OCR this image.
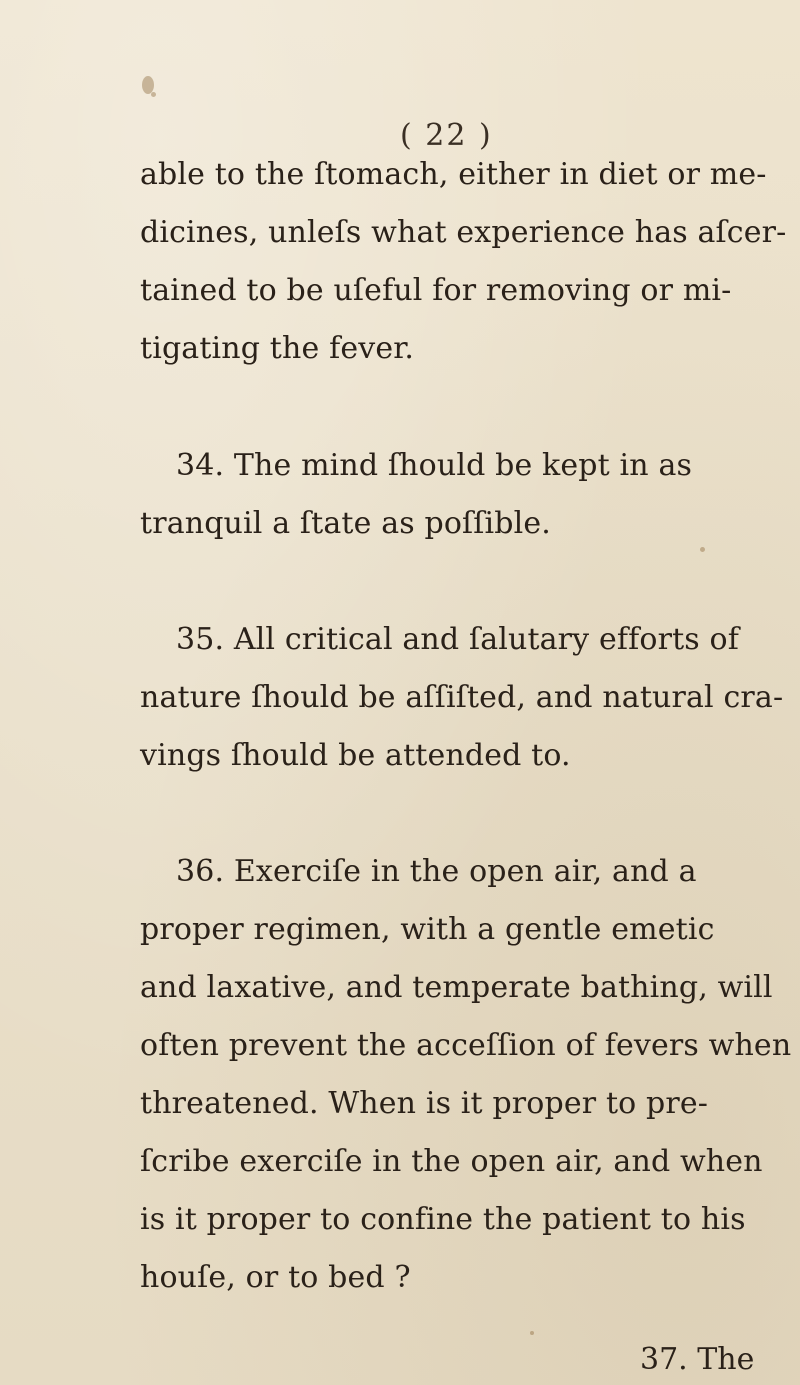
( 22 )
able to the ſtomach, either in diet or me-
dicines, unleſs what experience has aſcer-
tained to be uſeful for removing or mi-
tigating the fever.
34. The mind ſhould be kept in as
tranquil a ſtate as poſſible.
35. All critical and ſalutary efforts of
nature ſhould be aſſiſted, and natural cra-
vings ſhould be attended to.
36. Exerciſe in the open air, and a
proper regimen, with a gentle emetic
and laxative, and temperate bathing, will
often prevent the acceſſion of fevers when
threatened. When is it proper to pre-
ſcribe exerciſe in the open air, and when
is it proper to confine the patient to his
houſe, or to bed ?
37. The
